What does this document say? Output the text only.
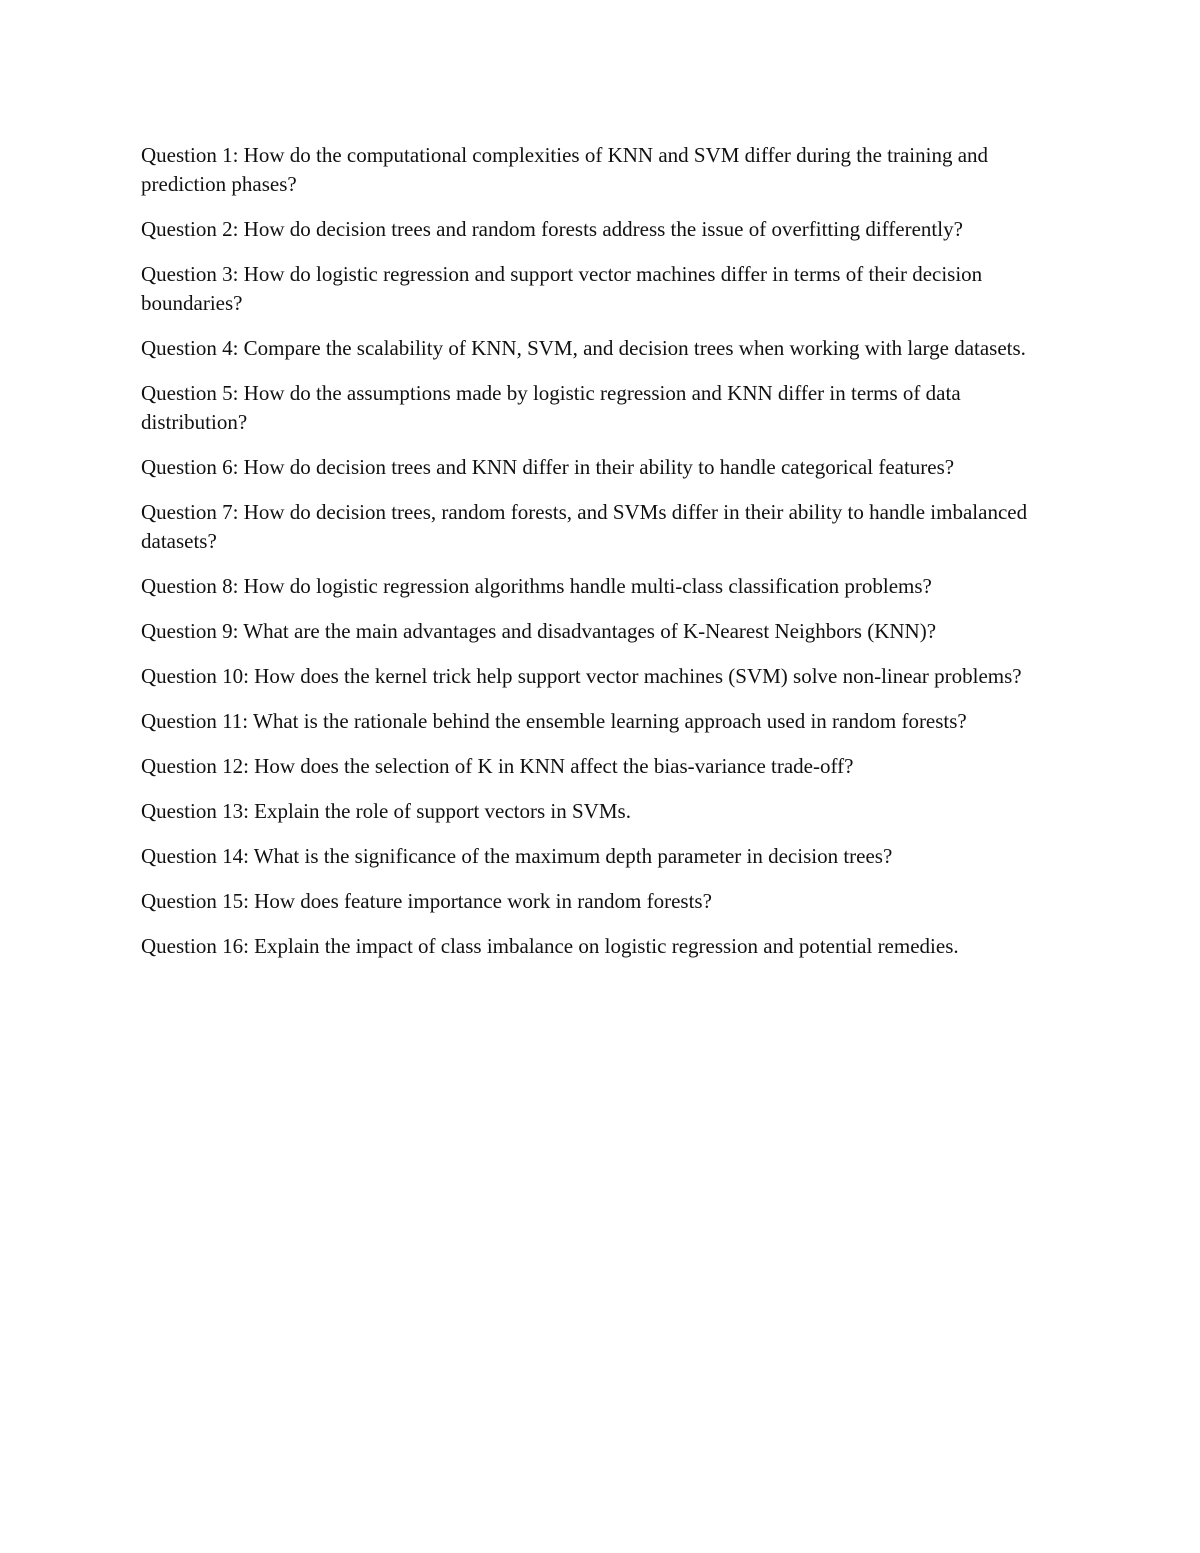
Question 1: How do the computational complexities of KNN and SVM differ during the training and prediction phases?

Question 2: How do decision trees and random forests address the issue of overfitting differently?

Question 3: How do logistic regression and support vector machines differ in terms of their decision boundaries?

Question 4: Compare the scalability of KNN, SVM, and decision trees when working with large datasets.

Question 5: How do the assumptions made by logistic regression and KNN differ in terms of data distribution?

Question 6: How do decision trees and KNN differ in their ability to handle categorical features?

Question 7: How do decision trees, random forests, and SVMs differ in their ability to handle imbalanced datasets?

Question 8: How do logistic regression algorithms handle multi-class classification problems?

Question 9: What are the main advantages and disadvantages of K-Nearest Neighbors (KNN)?

Question 10: How does the kernel trick help support vector machines (SVM) solve non-linear problems?

Question 11: What is the rationale behind the ensemble learning approach used in random forests?

Question 12: How does the selection of K in KNN affect the bias-variance trade-off?

Question 13: Explain the role of support vectors in SVMs.

Question 14: What is the significance of the maximum depth parameter in decision trees?

Question 15: How does feature importance work in random forests?

Question 16: Explain the impact of class imbalance on logistic regression and potential remedies.
